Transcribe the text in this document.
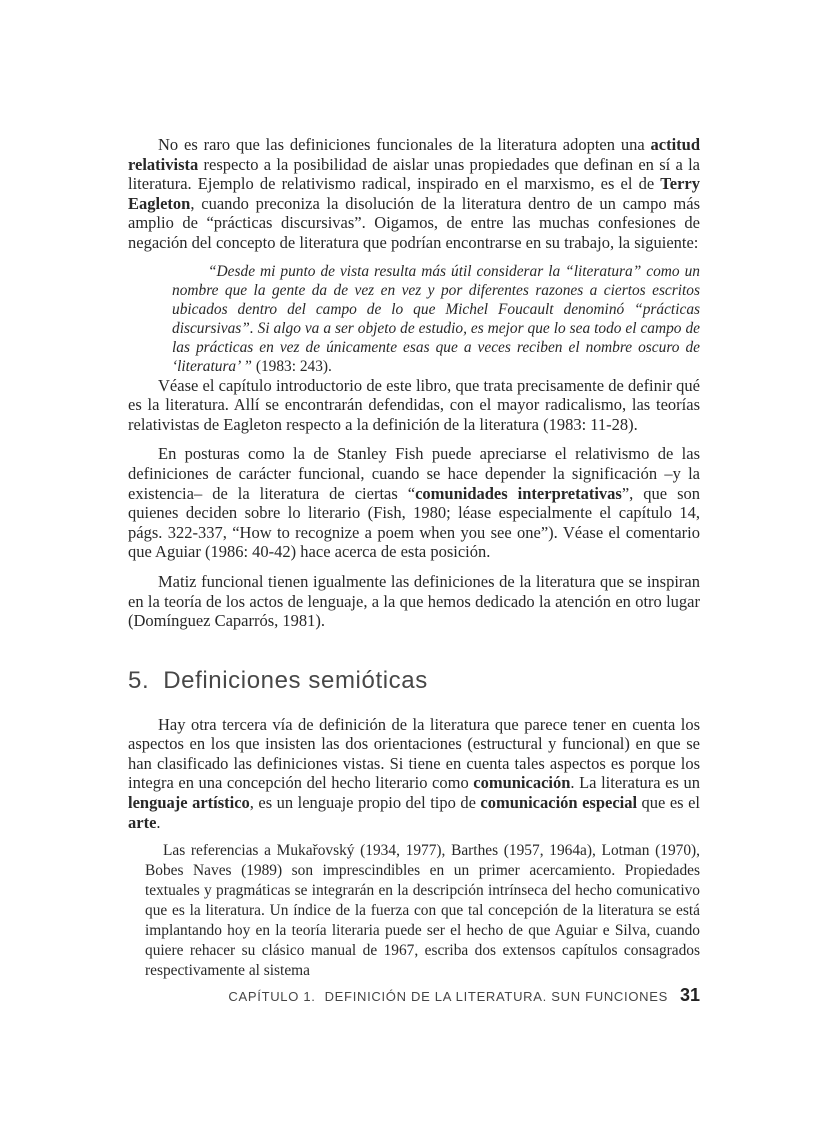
No es raro que las definiciones funcionales de la literatura adopten una actitud relativista respecto a la posibilidad de aislar unas propiedades que definan en sí a la literatura. Ejemplo de relativismo radical, inspirado en el marxismo, es el de Terry Eagleton, cuando preconiza la disolución de la literatura dentro de un campo más amplio de “prácticas discursivas”. Oigamos, de entre las muchas confesiones de negación del concepto de literatura que podrían encontrarse en su trabajo, la siguiente:

“Desde mi punto de vista resulta más útil considerar la “literatura” como un nombre que la gente da de vez en vez y por diferentes razones a ciertos escritos ubicados dentro del campo de lo que Michel Foucault denominó “prácticas discursivas”. Si algo va a ser objeto de estudio, es mejor que lo sea todo el campo de las prácticas en vez de únicamente esas que a veces reciben el nombre oscuro de ‘literatura’ ” (1983: 243).

Véase el capítulo introductorio de este libro, que trata precisamente de definir qué es la literatura. Allí se encontrarán defendidas, con el mayor radicalismo, las teorías relativistas de Eagleton respecto a la definición de la literatura (1983: 11-28).

En posturas como la de Stanley Fish puede apreciarse el relativismo de las definiciones de carácter funcional, cuando se hace depender la significación –y la existencia– de la literatura de ciertas “comunidades interpretativas”, que son quienes deciden sobre lo literario (Fish, 1980; léase especialmente el capítulo 14, págs. 322-337, “How to recognize a poem when you see one”). Véase el comentario que Aguiar (1986: 40-42) hace acerca de esta posición.

Matiz funcional tienen igualmente las definiciones de la literatura que se inspiran en la teoría de los actos de lenguaje, a la que hemos dedicado la atención en otro lugar (Domínguez Caparrós, 1981).

5. Definiciones semióticas

Hay otra tercera vía de definición de la literatura que parece tener en cuenta los aspectos en los que insisten las dos orientaciones (estructural y funcional) en que se han clasificado las definiciones vistas. Si tiene en cuenta tales aspectos es porque los integra en una concepción del hecho literario como comunicación. La literatura es un lenguaje artístico, es un lenguaje propio del tipo de comunicación especial que es el arte.

Las referencias a Mukařovský (1934, 1977), Barthes (1957, 1964a), Lotman (1970), Bobes Naves (1989) son imprescindibles en un primer acercamiento. Propiedades textuales y pragmáticas se integrarán en la descripción intrínseca del hecho comunicativo que es la literatura. Un índice de la fuerza con que tal concepción de la literatura se está implantando hoy en la teoría literaria puede ser el hecho de que Aguiar e Silva, cuando quiere rehacer su clásico manual de 1967, escriba dos extensos capítulos consagrados respectivamente al sistema

CAPÍTULO 1. DEFINICIÓN DE LA LITERATURA. SUN FUNCIONES 31
